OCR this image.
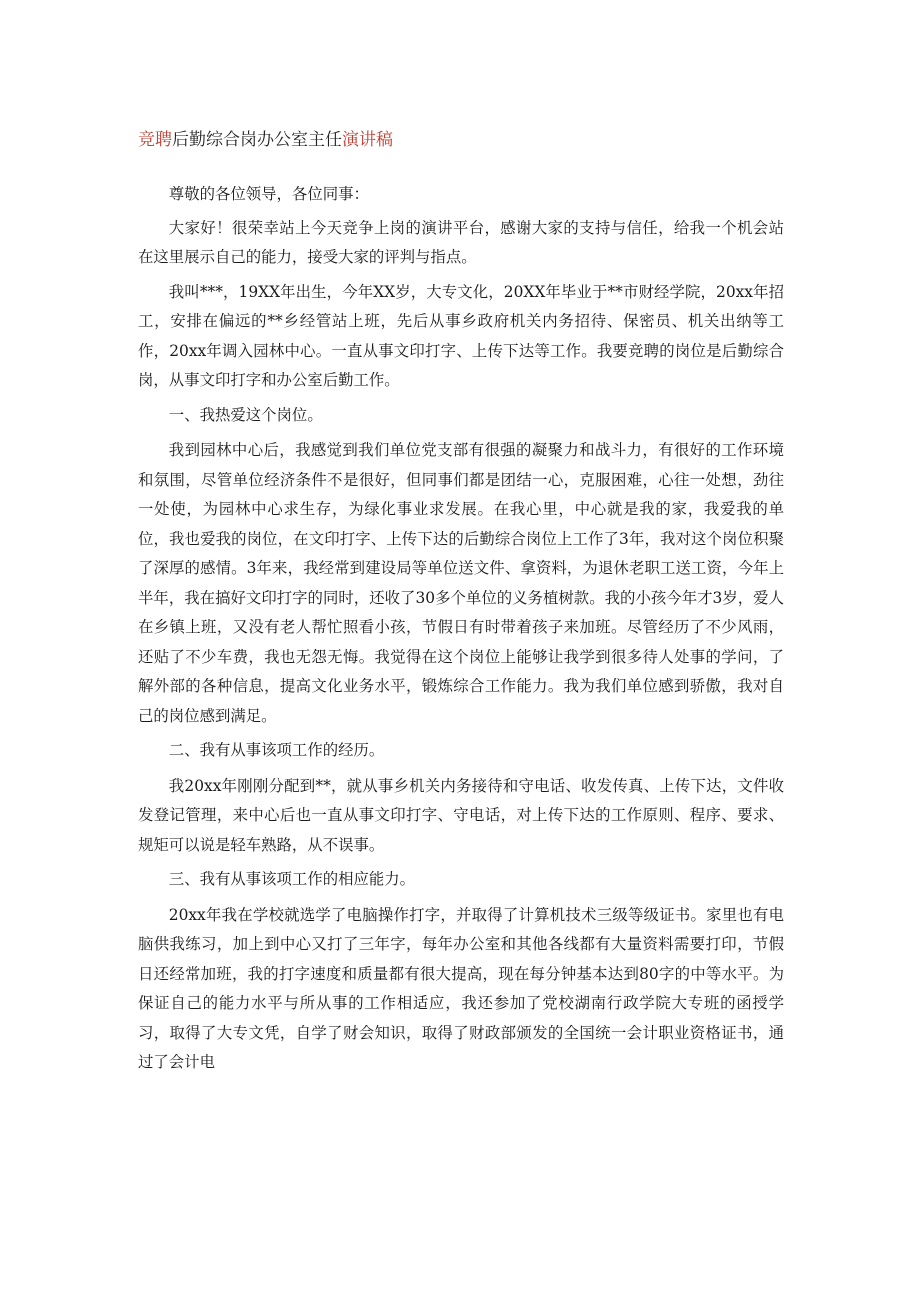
竞聘后勤综合岗办公室主任演讲稿

尊敬的各位领导，各位同事：

大家好！很荣幸站上今天竞争上岗的演讲平台，感谢大家的支持与信任，给我一个机会站在这里展示自己的能力，接受大家的评判与指点。

我叫***，19XX年出生，今年XX岁，大专文化，20XX年毕业于**市财经学院，20xx年招工，安排在偏远的**乡经管站上班，先后从事乡政府机关内务招待、保密员、机关出纳等工作，20xx年调入园林中心。一直从事文印打字、上传下达等工作。我要竞聘的岗位是后勤综合岗，从事文印打字和办公室后勤工作。

一、我热爱这个岗位。

我到园林中心后，我感觉到我们单位党支部有很强的凝聚力和战斗力，有很好的工作环境和氛围，尽管单位经济条件不是很好，但同事们都是团结一心，克服困难，心往一处想，劲往一处使，为园林中心求生存，为绿化事业求发展。在我心里，中心就是我的家，我爱我的单位，我也爱我的岗位，在文印打字、上传下达的后勤综合岗位上工作了3年，我对这个岗位积聚了深厚的感情。3年来，我经常到建设局等单位送文件、拿资料，为退休老职工送工资，今年上半年，我在搞好文印打字的同时，还收了30多个单位的义务植树款。我的小孩今年才3岁，爱人在乡镇上班，又没有老人帮忙照看小孩，节假日有时带着孩子来加班。尽管经历了不少风雨，还贴了不少车费，我也无怨无悔。我觉得在这个岗位上能够让我学到很多待人处事的学问，了解外部的各种信息，提高文化业务水平，锻炼综合工作能力。我为我们单位感到骄傲，我对自己的岗位感到满足。

二、我有从事该项工作的经历。

我20xx年刚刚分配到**，就从事乡机关内务接待和守电话、收发传真、上传下达，文件收发登记管理，来中心后也一直从事文印打字、守电话，对上传下达的工作原则、程序、要求、规矩可以说是轻车熟路，从不误事。

三、我有从事该项工作的相应能力。

20xx年我在学校就选学了电脑操作打字，并取得了计算机技术三级等级证书。家里也有电脑供我练习，加上到中心又打了三年字，每年办公室和其他各线都有大量资料需要打印，节假日还经常加班，我的打字速度和质量都有很大提高，现在每分钟基本达到80字的中等水平。为保证自己的能力水平与所从事的工作相适应，我还参加了党校湖南行政学院大专班的函授学习，取得了大专文凭，自学了财会知识，取得了财政部颁发的全国统一会计职业资格证书，通过了会计电
